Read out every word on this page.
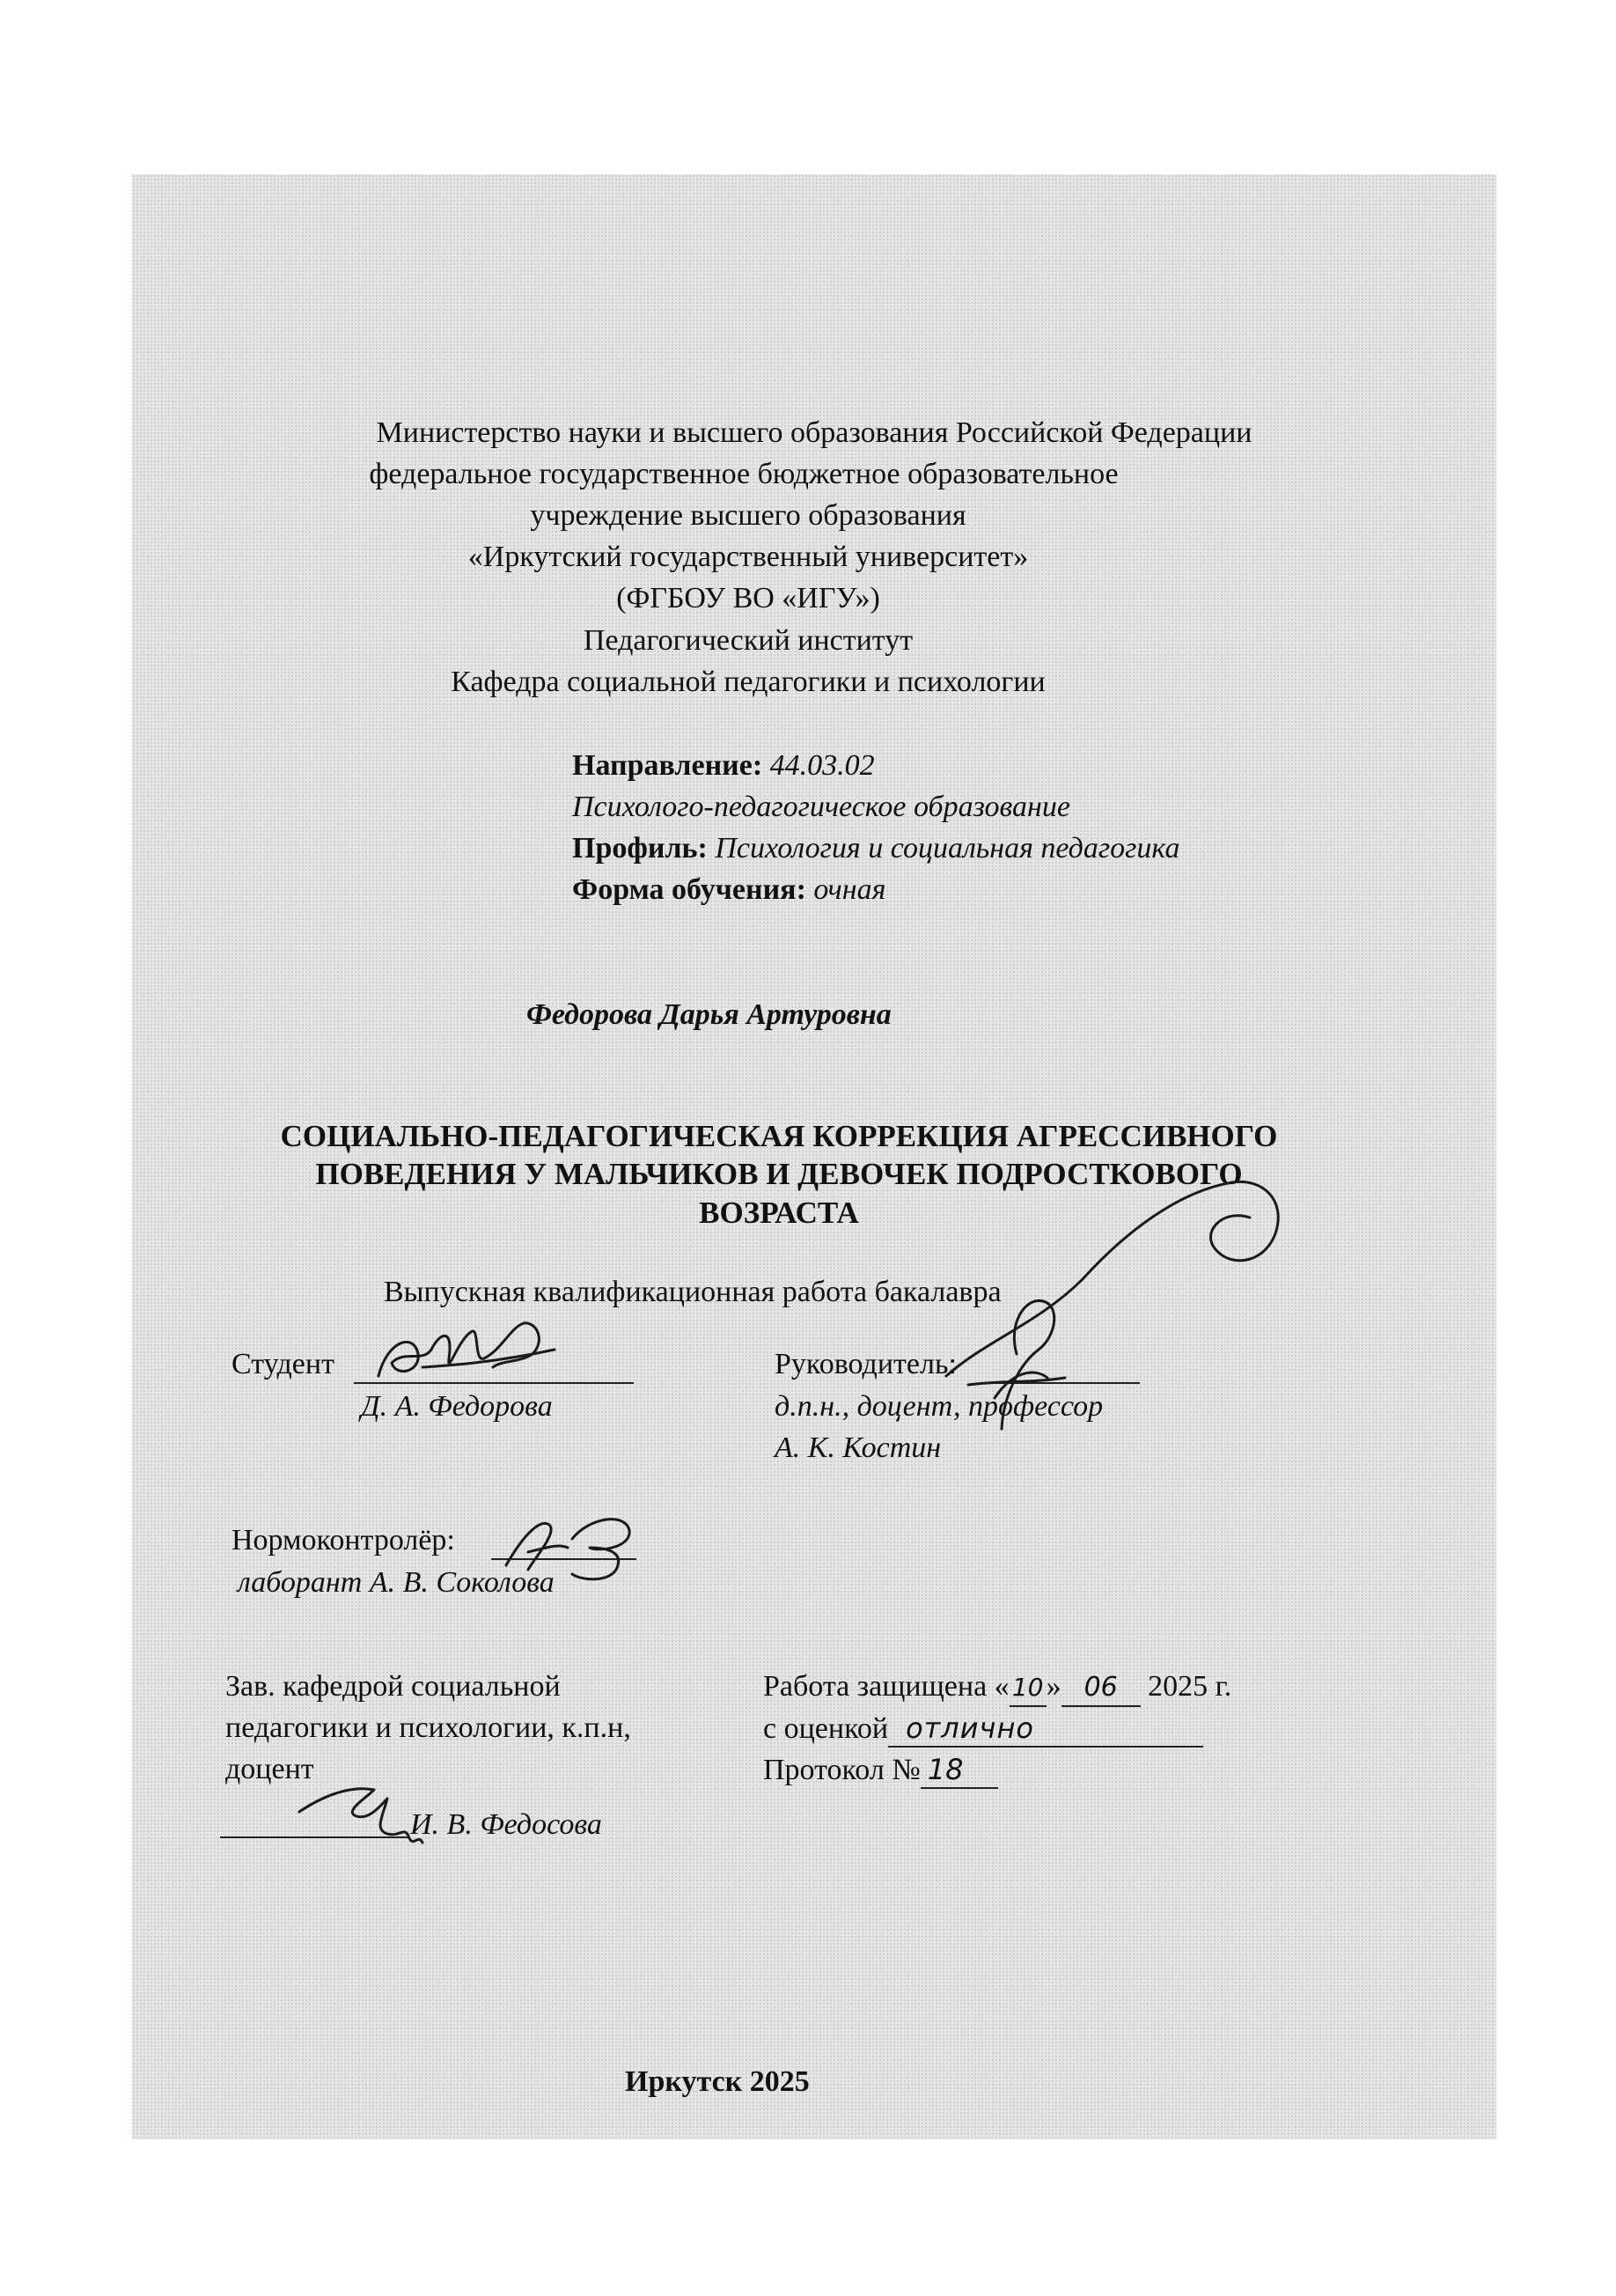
Министерство науки и высшего образования Российской Федерации
федеральное государственное бюджетное образовательное
учреждение высшего образования
«Иркутский государственный университет»
(ФГБОУ ВО «ИГУ»)
Педагогический институт
Кафедра социальной педагогики и психологии
Направление: 44.03.02
Психолого-педагогическое образование
Профиль: Психология и социальная педагогика
Форма обучения: очная
Федорова Дарья Артуровна
СОЦИАЛЬНО-ПЕДАГОГИЧЕСКАЯ КОРРЕКЦИЯ АГРЕССИВНОГО
ПОВЕДЕНИЯ У МАЛЬЧИКОВ И ДЕВОЧЕК ПОДРОСТКОВОГО
ВОЗРАСТА
Выпускная квалификационная работа бакалавра
Студент
Д. А. Федорова
Руководитель:
д.п.н., доцент, профессор
А. К. Костин
Нормоконтролёр:
лаборант А. В. Соколова
Зав. кафедрой социальной
педагогики и психологии, к.п.н,
доцент
И. В. Федосова
Работа защищена « 10» 06 2025 г.
с оценкой отлично
Протокол № 18
Иркутск 2025
